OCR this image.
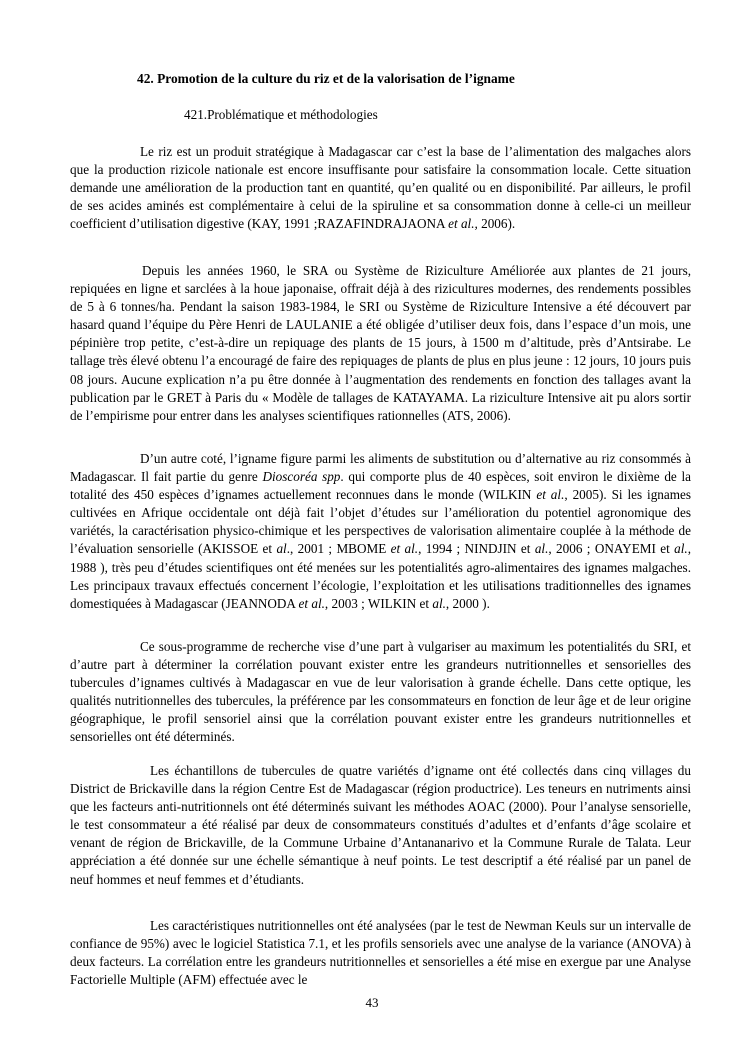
42. Promotion de la culture du riz et de la valorisation de l’igname
421.Problématique et méthodologies

Le riz est un produit stratégique à Madagascar car c’est la base de l’alimentation des malgaches alors que la production rizicole nationale est encore insuffisante pour satisfaire la consommation locale. Cette situation demande une amélioration de la production tant en quantité, qu’en qualité ou en disponibilité. Par ailleurs, le profil de ses acides aminés est complémentaire à celui de la spiruline et sa consommation donne à celle-ci un meilleur coefficient d’utilisation digestive (KAY, 1991 ;RAZAFINDRAJAONA et al., 2006).

Depuis les années 1960, le SRA ou Système de Riziculture Améliorée aux plantes de 21 jours, repiquées en ligne et sarclées à la houe japonaise, offrait déjà à des rizicultures modernes, des rendements possibles de 5 à 6 tonnes/ha. Pendant la saison 1983-1984, le SRI ou Système de Riziculture Intensive a été découvert par hasard quand l’équipe du Père Henri de LAULANIE a été obligée d’utiliser deux fois, dans l’espace d’un mois, une pépinière trop petite, c’est-à-dire un repiquage des plants de 15 jours, à 1500 m d’altitude, près d’Antsirabe. Le tallage très élevé obtenu l’a encouragé de faire des repiquages de plants de plus en plus jeune : 12 jours, 10 jours puis 08 jours. Aucune explication n’a pu être donnée à l’augmentation des rendements en fonction des tallages avant la publication par le GRET à Paris du « Modèle de tallages de KATAYAMA. La riziculture Intensive ait pu alors sortir de l’empirisme pour entrer dans les analyses scientifiques rationnelles (ATS, 2006).

D’un autre coté, l’igname figure parmi les aliments de substitution ou d’alternative au riz consommés à Madagascar. Il fait partie du genre Dioscoréa spp. qui comporte plus de 40 espèces, soit environ le dixième de la totalité des 450 espèces d’ignames actuellement reconnues dans le monde (WILKIN et al., 2005). Si les ignames cultivées en Afrique occidentale ont déjà fait l’objet d’études sur l’amélioration du potentiel agronomique des variétés, la caractérisation physico-chimique et les perspectives de valorisation alimentaire couplée à la méthode de l’évaluation sensorielle (AKISSOE et al., 2001 ; MBOME et al., 1994 ; NINDJIN et al., 2006 ; ONAYEMI et al., 1988 ), très peu d’études scientifiques ont été menées sur les potentialités agro-alimentaires des ignames malgaches. Les principaux travaux effectués concernent l’écologie, l’exploitation et les utilisations traditionnelles des ignames domestiquées à Madagascar (JEANNODA et al., 2003 ; WILKIN et al., 2000 ).

Ce sous-programme de recherche vise d’une part à vulgariser au maximum les potentialités du SRI, et d’autre part à déterminer la corrélation pouvant exister entre les grandeurs nutritionnelles et sensorielles des tubercules d’ignames cultivés à Madagascar en vue de leur valorisation à grande échelle. Dans cette optique, les qualités nutritionnelles des tubercules, la préférence par les consommateurs en fonction de leur âge et de leur origine géographique, le profil sensoriel ainsi que la corrélation pouvant exister entre les grandeurs nutritionnelles et sensorielles ont été déterminés.

Les échantillons de tubercules de quatre variétés d’igname ont été collectés dans cinq villages du District de Brickaville dans la région Centre Est de Madagascar (région productrice). Les teneurs en nutriments ainsi que les facteurs anti-nutritionnels ont été déterminés suivant les méthodes AOAC (2000). Pour l’analyse sensorielle, le test consommateur a été réalisé par deux de consommateurs constitués d’adultes et d’enfants d’âge scolaire et venant de région de Brickaville, de la Commune Urbaine d’Antananarivo et la Commune Rurale de Talata. Leur appréciation a été donnée sur une échelle sémantique à neuf points. Le test descriptif a été réalisé par un panel de neuf hommes et neuf femmes et d’étudiants.

Les caractéristiques nutritionnelles ont été analysées (par le test de Newman Keuls sur un intervalle de confiance de 95%) avec le logiciel Statistica 7.1, et les profils sensoriels avec une analyse de la variance (ANOVA) à deux facteurs. La corrélation entre les grandeurs nutritionnelles et sensorielles a été mise en exergue par une Analyse Factorielle Multiple (AFM) effectuée avec le

43
